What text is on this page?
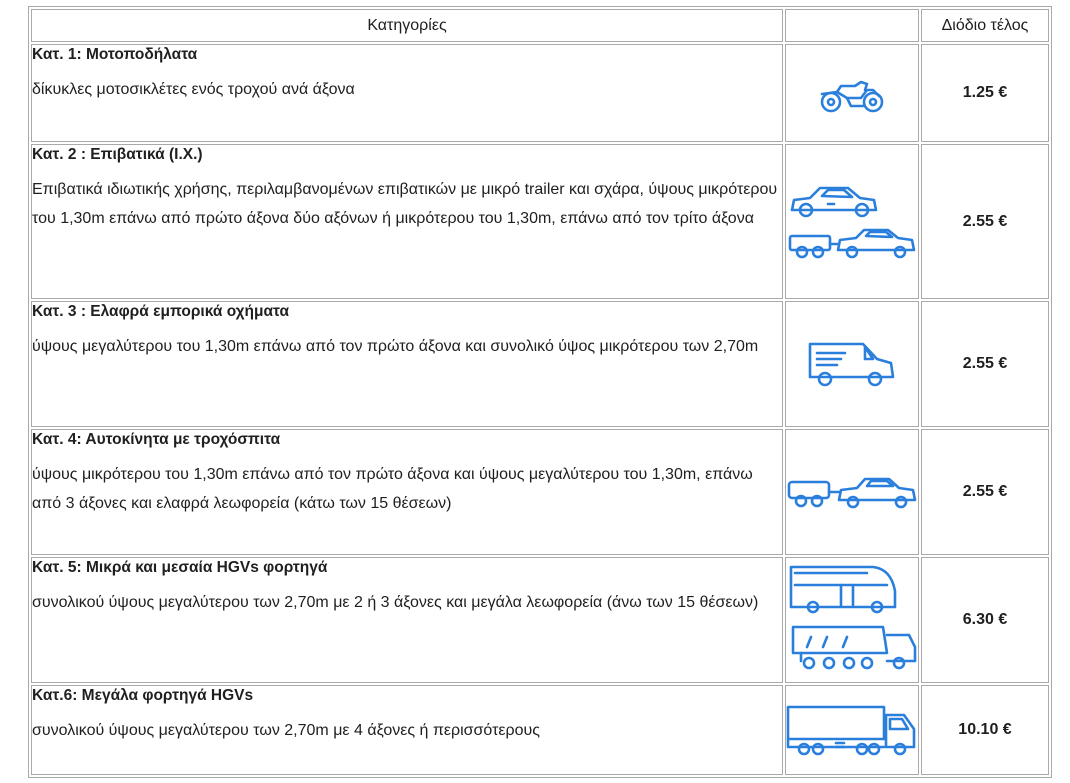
Κατηγορίες		Διόδιο τέλος

Κατ. 1: Μοτοποδήλατα

δίκυκλες μοτοσικλέτες ενός τροχού ανά άξονα		1.25 €

Κατ. 2 : Επιβατικά (Ι.Χ.)

Επιβατικά ιδιωτικής χρήσης, περιλαμβανομένων επιβατικών με μικρό trailer και σχάρα, ύψους μικρότερου του 1,30m επάνω από πρώτο άξονα δύο αξόνων ή μικρότερου του 1,30m, επάνω από τον τρίτο άξονα		2.55 €

Κατ. 3 : Ελαφρά εμπορικά οχήματα

ύψους μεγαλύτερου του 1,30m επάνω από τον πρώτο άξονα και συνολικό ύψος μικρότερου των 2,70m		2.55 €

Κατ. 4: Αυτοκίνητα με τροχόσπιτα

ύψους μικρότερου του 1,30m επάνω από τον πρώτο άξονα και ύψους μεγαλύτερου του 1,30m, επάνω από 3 άξονες και ελαφρά λεωφορεία (κάτω των 15 θέσεων)		2.55 €

Κατ. 5: Μικρά και μεσαία HGVs φορτηγά

συνολικού ύψους μεγαλύτερου των 2,70m με 2 ή 3 άξονες και μεγάλα λεωφορεία (άνω των 15 θέσεων)		6.30 €

Κατ.6: Μεγάλα φορτηγά HGVs

συνολικού ύψους μεγαλύτερου των 2,70m με 4 άξονες ή περισσότερους		10.10 €
